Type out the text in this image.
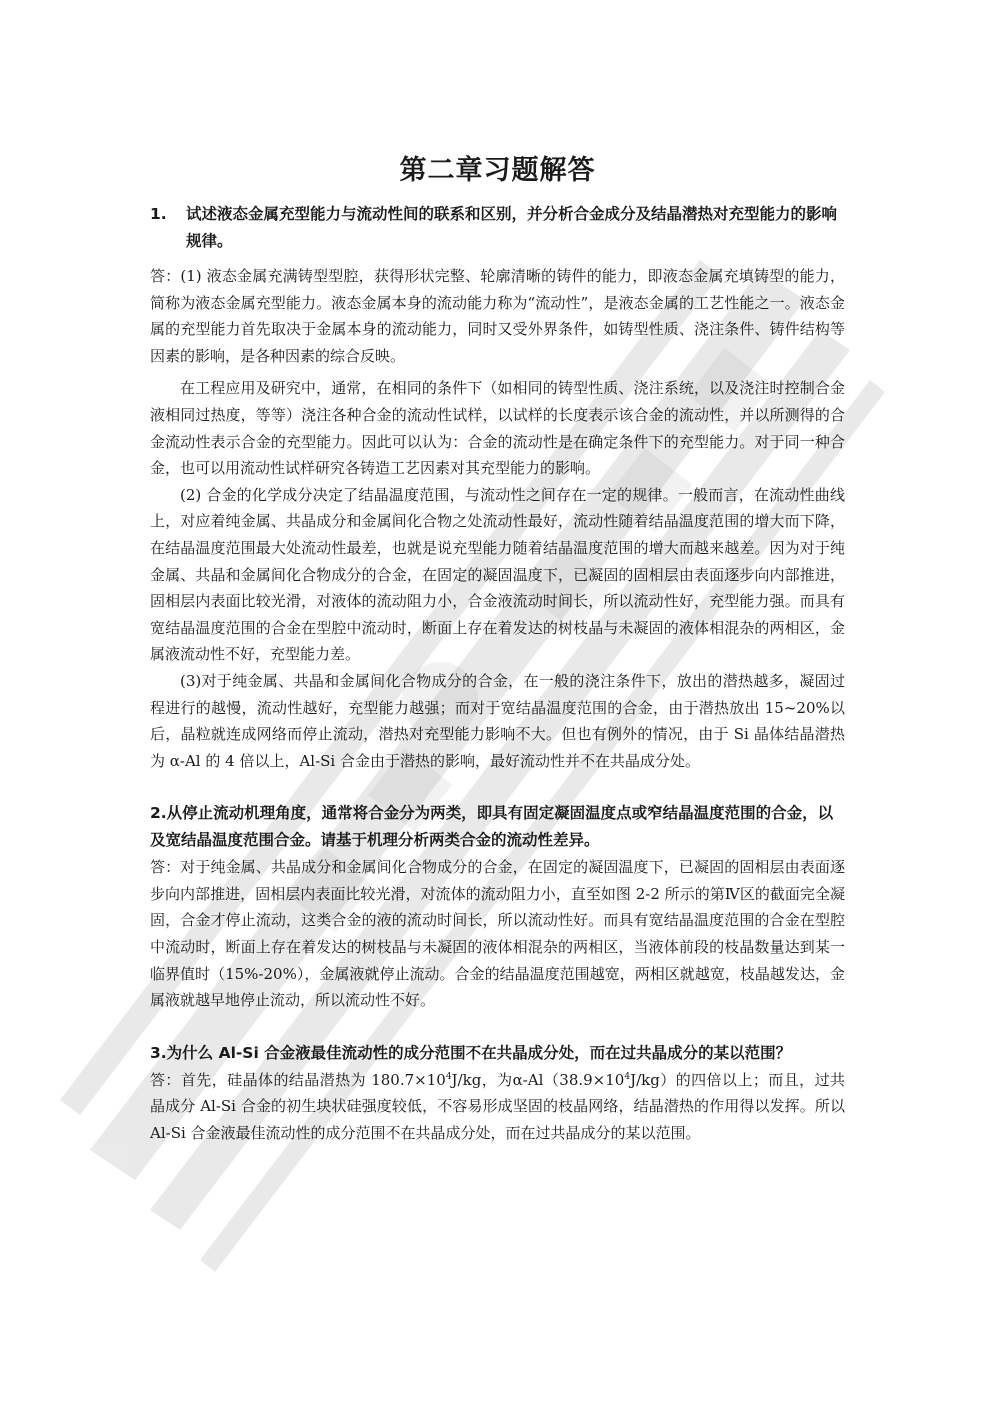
第二章习题解答

1. 试述液态金属充型能力与流动性间的联系和区别，并分析合金成分及结晶潜热对充型能力的影响规律。

答：(1) 液态金属充满铸型型腔，获得形状完整、轮廓清晰的铸件的能力，即液态金属充填铸型的能力，简称为液态金属充型能力。液态金属本身的流动能力称为“流动性”，是液态金属的工艺性能之一。液态金属的充型能力首先取决于金属本身的流动能力，同时又受外界条件，如铸型性质、浇注条件、铸件结构等因素的影响，是各种因素的综合反映。

在工程应用及研究中，通常，在相同的条件下（如相同的铸型性质、浇注系统，以及浇注时控制合金液相同过热度，等等）浇注各种合金的流动性试样，以试样的长度表示该合金的流动性，并以所测得的合金流动性表示合金的充型能力。因此可以认为：合金的流动性是在确定条件下的充型能力。对于同一种合金，也可以用流动性试样研究各铸造工艺因素对其充型能力的影响。

(2) 合金的化学成分决定了结晶温度范围，与流动性之间存在一定的规律。一般而言，在流动性曲线上，对应着纯金属、共晶成分和金属间化合物之处流动性最好，流动性随着结晶温度范围的增大而下降，在结晶温度范围最大处流动性最差，也就是说充型能力随着结晶温度范围的增大而越来越差。因为对于纯金属、共晶和金属间化合物成分的合金，在固定的凝固温度下，已凝固的固相层由表面逐步向内部推进，固相层内表面比较光滑，对液体的流动阻力小，合金液流动时间长，所以流动性好，充型能力强。而具有宽结晶温度范围的合金在型腔中流动时，断面上存在着发达的树枝晶与未凝固的液体相混杂的两相区，金属液流动性不好，充型能力差。

(3)对于纯金属、共晶和金属间化合物成分的合金，在一般的浇注条件下，放出的潜热越多，凝固过程进行的越慢，流动性越好，充型能力越强；而对于宽结晶温度范围的合金，由于潜热放出 15~20%以后，晶粒就连成网络而停止流动，潜热对充型能力影响不大。但也有例外的情况，由于 Si 晶体结晶潜热为 α-Al 的 4 倍以上，Al-Si 合金由于潜热的影响，最好流动性并不在共晶成分处。

2.从停止流动机理角度，通常将合金分为两类，即具有固定凝固温度点或窄结晶温度范围的合金，以及宽结晶温度范围合金。请基于机理分析两类合金的流动性差异。

答：对于纯金属、共晶成分和金属间化合物成分的合金，在固定的凝固温度下，已凝固的固相层由表面逐步向内部推进，固相层内表面比较光滑，对流体的流动阻力小，直至如图 2-2 所示的第Ⅳ区的截面完全凝固，合金才停止流动，这类合金的液的流动时间长，所以流动性好。而具有宽结晶温度范围的合金在型腔中流动时，断面上存在着发达的树枝晶与未凝固的液体相混杂的两相区，当液体前段的枝晶数量达到某一临界值时（15%-20%），金属液就停止流动。合金的结晶温度范围越宽，两相区就越宽，枝晶越发达，金属液就越早地停止流动，所以流动性不好。

3.为什么 Al-Si 合金液最佳流动性的成分范围不在共晶成分处，而在过共晶成分的某以范围？

答：首先，硅晶体的结晶潜热为 $180.7\times 10^4J/kg$，为$\alpha-Al(38.9\times 10^4J/kg)$的四倍以上；而且，过共晶成分 Al-Si 合金的初生块状硅强度较低，不容易形成坚固的枝晶网络，结晶潜热的作用得以发挥。所以 Al-Si 合金液最佳流动性的成分范围不在共晶成分处，而在过共晶成分的某以范围。
